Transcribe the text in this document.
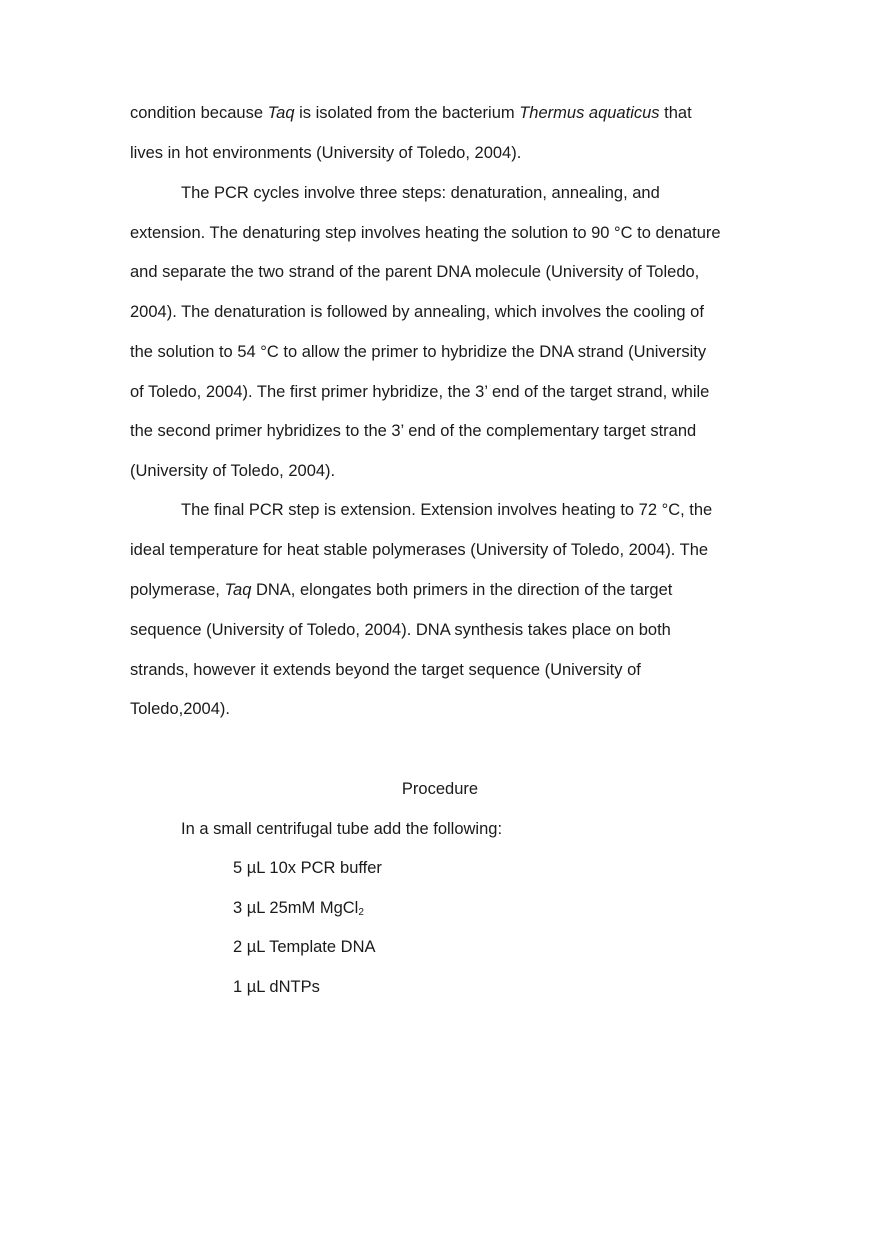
condition because Taq is isolated from the bacterium Thermus aquaticus that
lives in hot environments (University of Toledo, 2004).
The PCR cycles involve three steps: denaturation, annealing, and
extension. The denaturing step involves heating the solution to 90 °C to denature
and separate the two strand of the parent DNA molecule (University of Toledo,
2004). The denaturation is followed by annealing, which involves the cooling of
the solution to 54 °C to allow the primer to hybridize the DNA strand (University
of Toledo, 2004). The first primer hybridize, the 3’ end of the target strand, while
the second primer hybridizes to the 3’ end of the complementary target strand
(University of Toledo, 2004).
The final PCR step is extension. Extension involves heating to 72 °C, the
ideal temperature for heat stable polymerases (University of Toledo, 2004). The
polymerase, Taq DNA, elongates both primers in the direction of the target
sequence (University of Toledo, 2004). DNA synthesis takes place on both
strands, however it extends beyond the target sequence (University of
Toledo,2004).
Procedure
In a small centrifugal tube add the following:
5 µL 10x PCR buffer
3 µL 25mM MgCl$_2$
2 µL Template DNA
1 µL dNTPs
